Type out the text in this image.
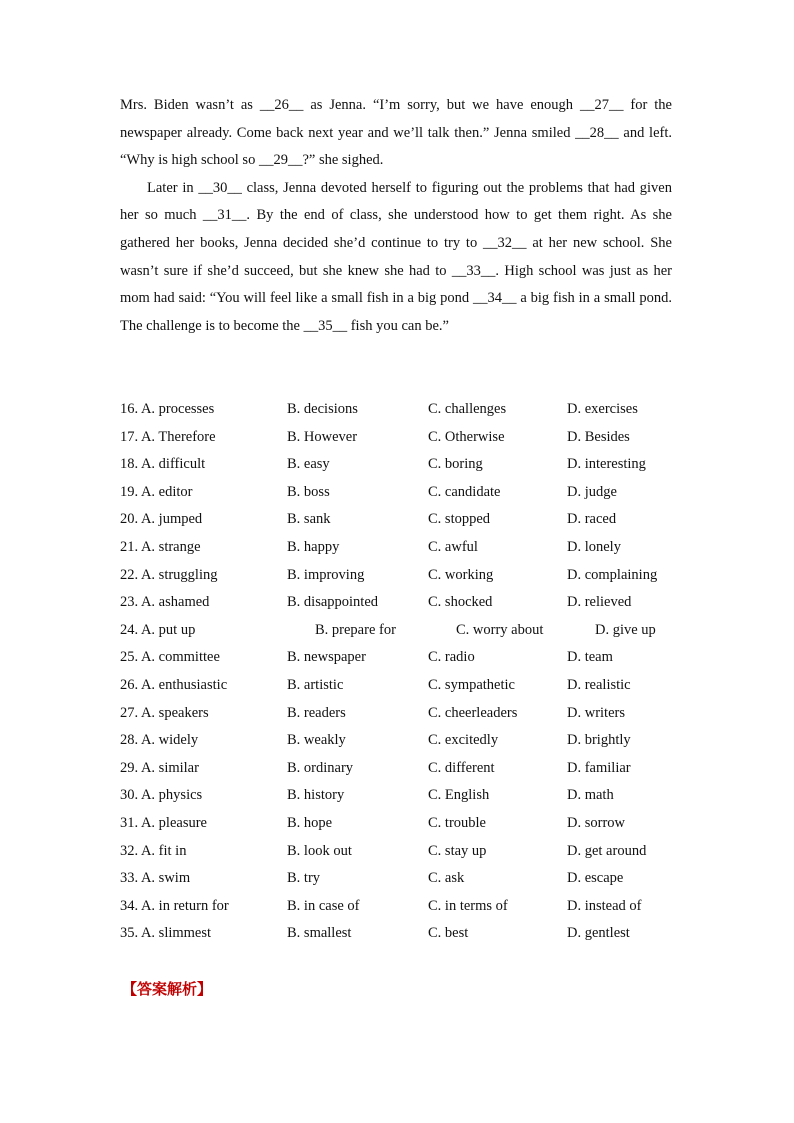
Mrs. Biden wasn’t as __26__ as Jenna. “I’m sorry, but we have enough __27__ for the newspaper already. Come back next year and we’ll talk then.” Jenna smiled __28__ and left. “Why is high school so __29__?” she sighed.

Later in __30__ class, Jenna devoted herself to figuring out the problems that had given her so much __31__. By the end of class, she understood how to get them right. As she gathered her books, Jenna decided she’d continue to try to __32__ at her new school. She wasn’t sure if she’d succeed, but she knew she had to __33__. High school was just as her mom had said: “You will feel like a small fish in a big pond __34__ a big fish in a small pond. The challenge is to become the __35__ fish you can be.”

16. A. processes	B. decisions	C. challenges	D. exercises
17. A. Therefore	B. However	C. Otherwise	D. Besides
18. A. difficult	B. easy	C. boring	D. interesting
19. A. editor	B. boss	C. candidate	D. judge
20. A. jumped	B. sank	C. stopped	D. raced
21. A. strange	B. happy	C. awful	D. lonely
22. A. struggling	B. improving	C. working	D. complaining
23. A. ashamed	B. disappointed	C. shocked	D. relieved
24. A. put up	B. prepare for	C. worry about	D. give up
25. A. committee	B. newspaper	C. radio	D. team
26. A. enthusiastic	B. artistic	C. sympathetic	D. realistic
27. A. speakers	B. readers	C. cheerleaders	D. writers
28. A. widely	B. weakly	C. excitedly	D. brightly
29. A. similar	B. ordinary	C. different	D. familiar
30. A. physics	B. history	C. English	D. math
31. A. pleasure	B. hope	C. trouble	D. sorrow
32. A. fit in	B. look out	C. stay up	D. get around
33. A. swim	B. try	C. ask	D. escape
34. A. in return for	B. in case of	C. in terms of	D. instead of
35. A. slimmest	B. smallest	C. best	D. gentlest
【答案解析】
